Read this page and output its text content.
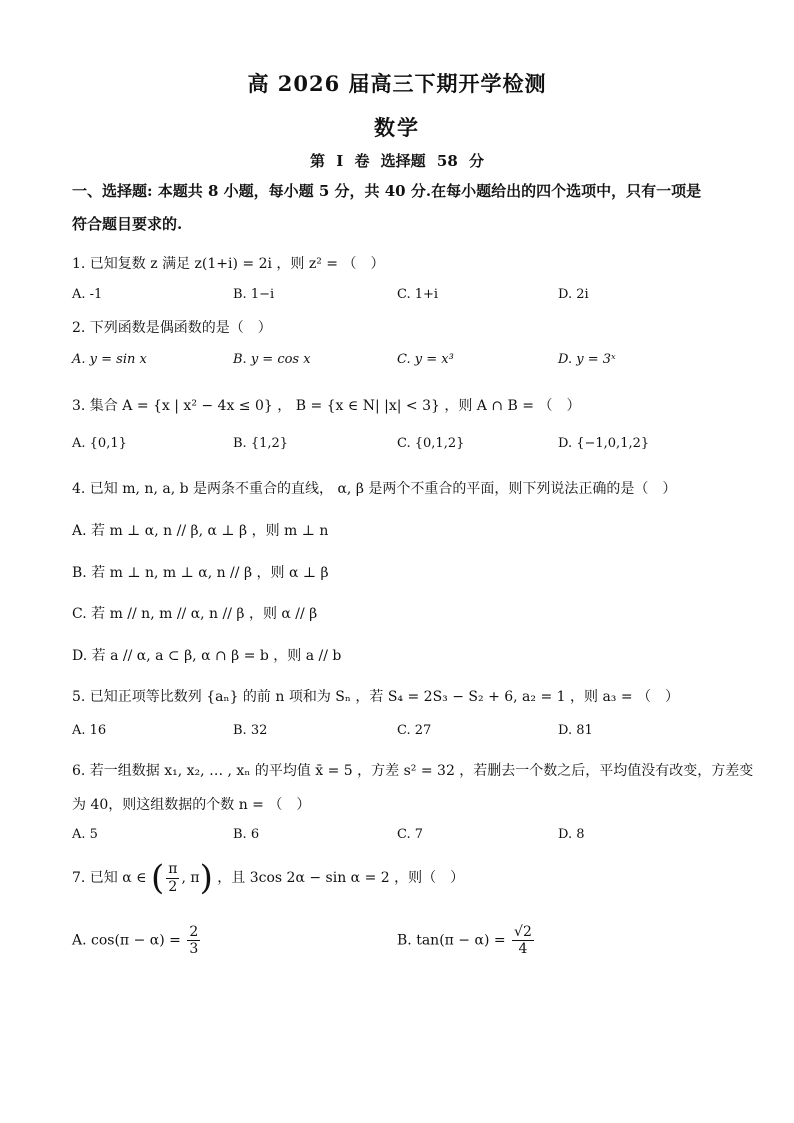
高 2026 届高三下期开学检测
数学
第 I 卷 选择题 58 分
一、选择题: 本题共 8 小题，每小题 5 分，共 40 分.在每小题给出的四个选项中，只有一项是
符合题目要求的.
1. 已知复数 z 满足 z(1+i) = 2i ，则 z² = （　）
A. -1	B. 1−i	C. 1+i	D. 2i
2. 下列函数是偶函数的是（　）
A. y = sin x	B. y = cos x	C. y = x³	D. y = 3ˣ
3. 集合 A = {x | x² − 4x ≤ 0} ， B = {x ∈ N| |x| < 3} ，则 A ∩ B = （　）
A. {0,1}	B. {1,2}	C. {0,1,2}	D. {−1,0,1,2}
4. 已知 m, n, a, b 是两条不重合的直线， α, β 是两个不重合的平面，则下列说法正确的是（　）
A. 若 m ⊥ α, n // β, α ⊥ β ，则 m ⊥ n
B. 若 m ⊥ n, m ⊥ α, n // β ，则 α ⊥ β
C. 若 m // n, m // α, n // β ，则 α // β
D. 若 a // α, a ⊂ β, α ∩ β = b ，则 a // b
5. 已知正项等比数列 {aₙ} 的前 n 项和为 Sₙ ，若 S₄ = 2S₃ − S₂ + 6, a₂ = 1 ，则 a₃ = （　）
A. 16	B. 32	C. 27	D. 81
6. 若一组数据 x₁, x₂, … , xₙ 的平均值 x̄ = 5 ，方差 s² = 32 ，若删去一个数之后，平均值没有改变，方差变
为 40，则这组数据的个数 n = （　）
A. 5	B. 6	C. 7	D. 8
7. 已知 α ∈ ( $\frac{\pi}{2}$ , π) ，且 3cos 2α − sin α = 2 ，则（　）
A. $\cos(\pi - \alpha) = \frac{2}{3}$	B. $\tan(\pi - \alpha) = \frac{√2}{4}$
